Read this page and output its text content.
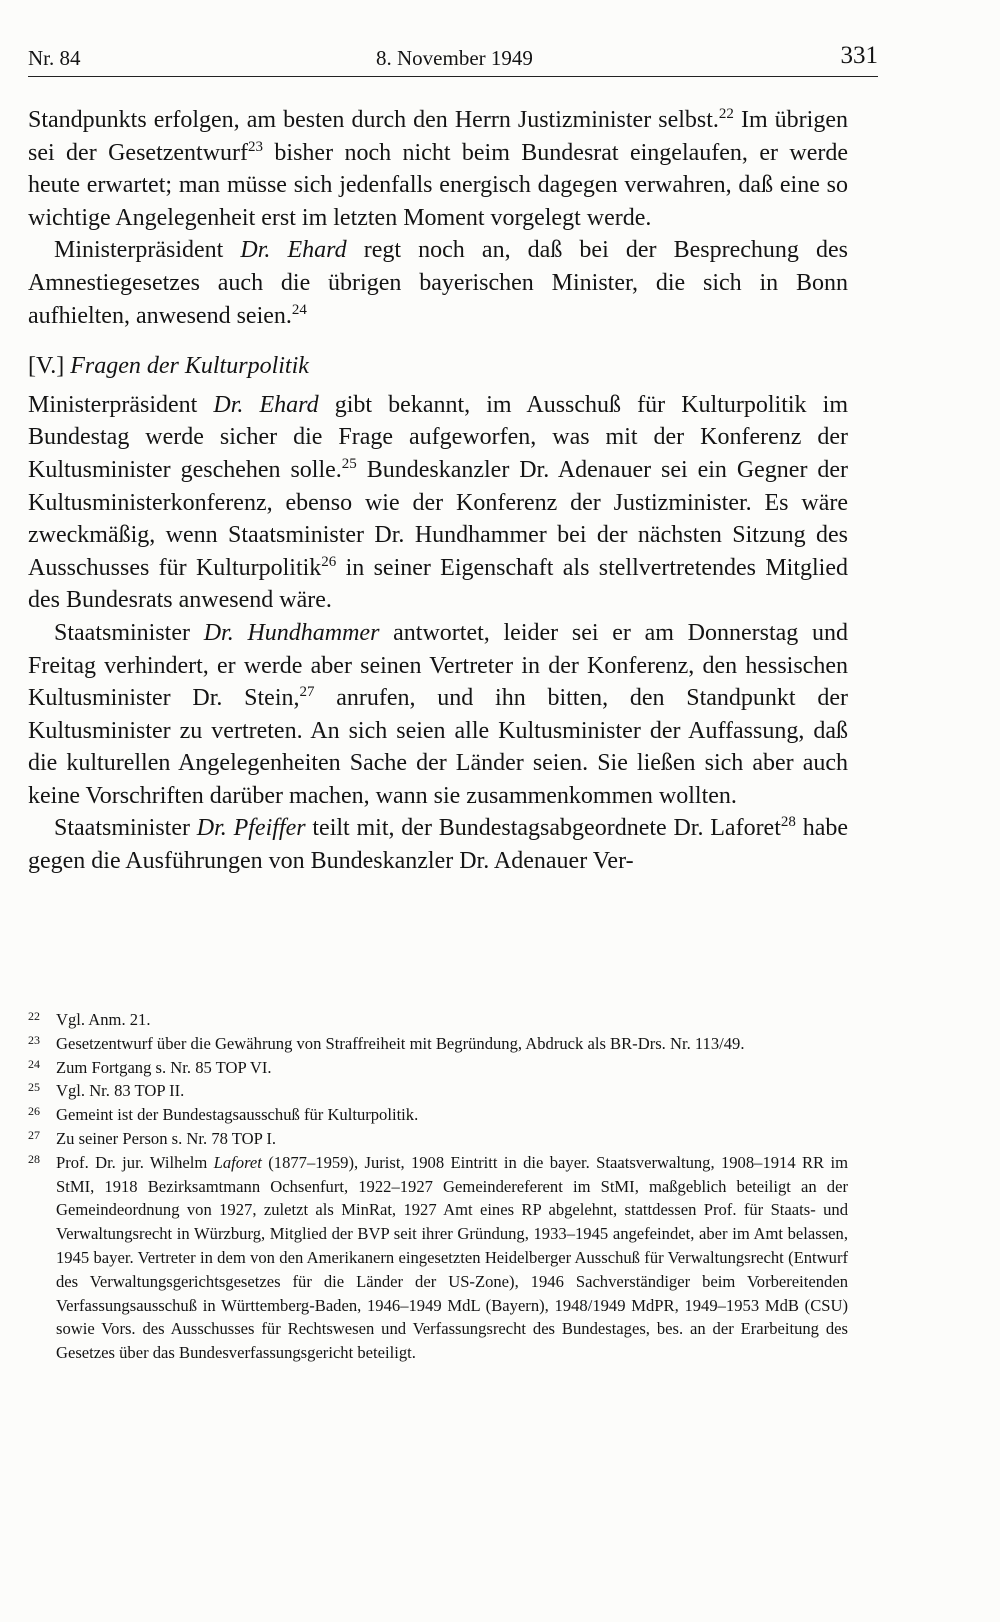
Nr. 84	8. November 1949	331

Standpunkts erfolgen, am besten durch den Herrn Justizminister selbst.$^{22}$ Im übrigen sei der Gesetzentwurf$^{23}$ bisher noch nicht beim Bundesrat eingelaufen, er werde heute erwartet; man müsse sich jedenfalls energisch dagegen verwahren, daß eine so wichtige Angelegenheit erst im letzten Moment vorgelegt werde.

Ministerpräsident Dr. Ehard regt noch an, daß bei der Besprechung des Amnestiegesetzes auch die übrigen bayerischen Minister, die sich in Bonn aufhielten, anwesend seien.$^{24}$

[V.] Fragen der Kulturpolitik

Ministerpräsident Dr. Ehard gibt bekannt, im Ausschuß für Kulturpolitik im Bundestag werde sicher die Frage aufgeworfen, was mit der Konferenz der Kultusminister geschehen solle.$^{25}$ Bundeskanzler Dr. Adenauer sei ein Gegner der Kultusministerkonferenz, ebenso wie der Konferenz der Justizminister. Es wäre zweckmäßig, wenn Staatsminister Dr. Hundhammer bei der nächsten Sitzung des Ausschusses für Kulturpolitik$^{26}$ in seiner Eigenschaft als stellvertretendes Mitglied des Bundesrats anwesend wäre.

Staatsminister Dr. Hundhammer antwortet, leider sei er am Donnerstag und Freitag verhindert, er werde aber seinen Vertreter in der Konferenz, den hessischen Kultusminister Dr. Stein,$^{27}$ anrufen, und ihn bitten, den Standpunkt der Kultusminister zu vertreten. An sich seien alle Kultusminister der Auffassung, daß die kulturellen Angelegenheiten Sache der Länder seien. Sie ließen sich aber auch keine Vorschriften darüber machen, wann sie zusammenkommen wollten.

Staatsminister Dr. Pfeiffer teilt mit, der Bundestagsabgeordnete Dr. Laforet$^{28}$ habe gegen die Ausführungen von Bundeskanzler Dr. Adenauer Ver-

22 Vgl. Anm. 21.
23 Gesetzentwurf über die Gewährung von Straffreiheit mit Begründung, Abdruck als BR-Drs. Nr. 113/49.
24 Zum Fortgang s. Nr. 85 TOP VI.
25 Vgl. Nr. 83 TOP II.
26 Gemeint ist der Bundestagsausschuß für Kulturpolitik.
27 Zu seiner Person s. Nr. 78 TOP I.
28 Prof. Dr. jur. Wilhelm Laforet (1877–1959), Jurist, 1908 Eintritt in die bayer. Staatsverwaltung, 1908–1914 RR im StMI, 1918 Bezirksamtmann Ochsenfurt, 1922–1927 Gemeindereferent im StMI, maßgeblich beteiligt an der Gemeindeordnung von 1927, zuletzt als MinRat, 1927 Amt eines RP abgelehnt, stattdessen Prof. für Staats- und Verwaltungsrecht in Würzburg, Mitglied der BVP seit ihrer Gründung, 1933–1945 angefeindet, aber im Amt belassen, 1945 bayer. Vertreter in dem von den Amerikanern eingesetzten Heidelberger Ausschuß für Verwaltungsrecht (Entwurf des Verwaltungsgerichtsgesetzes für die Länder der US-Zone), 1946 Sachverständiger beim Vorbereitenden Verfassungsausschuß in Württemberg-Baden, 1946–1949 MdL (Bayern), 1948/1949 MdPR, 1949–1953 MdB (CSU) sowie Vors. des Ausschusses für Rechtswesen und Verfassungsrecht des Bundestages, bes. an der Erarbeitung des Gesetzes über das Bundesverfassungsgericht beteiligt.
